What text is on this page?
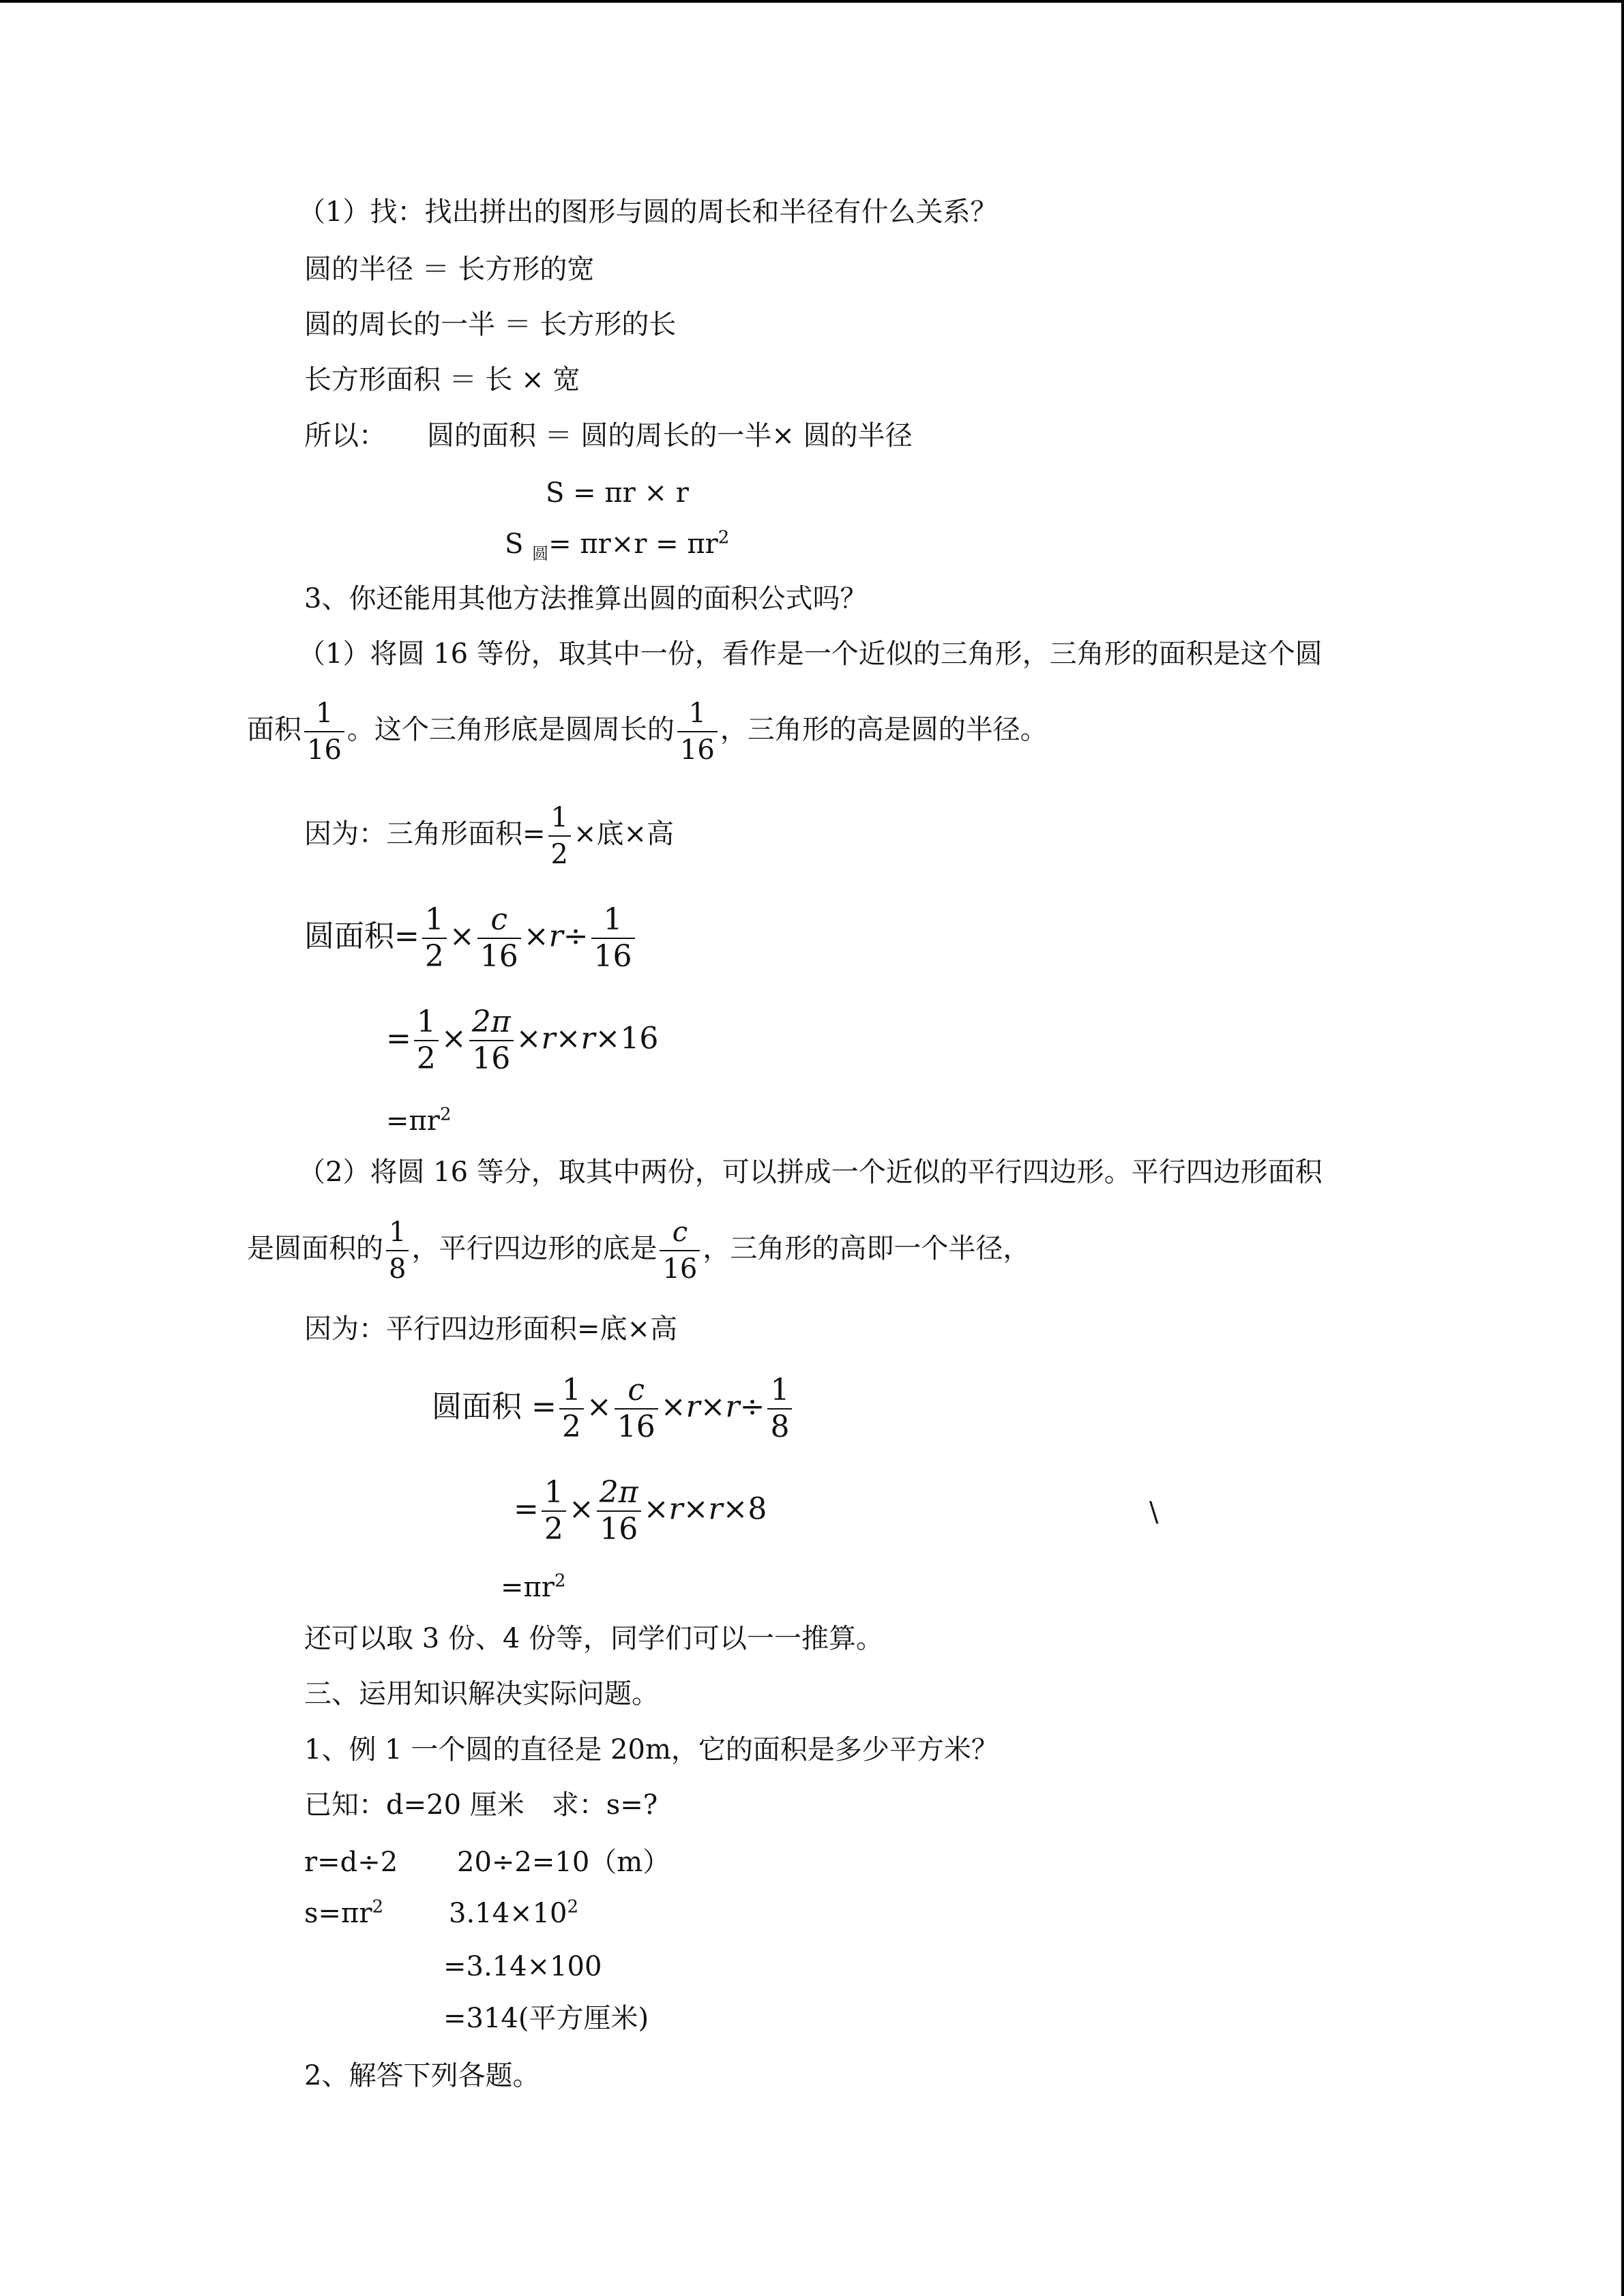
（1）找：找出拼出的图形与圆的周长和半径有什么关系？
圆的半径 ＝ 长方形的宽
圆的周长的一半 ＝ 长方形的长
长方形面积 ＝ 长 × 宽
所以：　　圆的面积 ＝ 圆的周长的一半× 圆的半径
S = πr × r
S $_圆= \pi r\times r = \pi r^2$
3、你还能用其他方法推算出圆的面积公式吗？
（1）将圆 16 等份，取其中一份，看作是一个近似的三角形，三角形的面积是这个圆
面积 $\frac{1}{16}$ 。这个三角形底是圆周长的 $\frac{1}{16}$ ，三角形的高是圆的半径。
因为：三角形面积= $\frac{1}{2}$ ×底×高
圆面积= $\frac{1}{2} \times \frac{c}{16} \times r\div \frac{1}{16}$
= $\frac{1}{2} \times \frac{2\pi}{16} \times r\times r\times 16$
$=\pi r^2$
（2）将圆 16 等分，取其中两份，可以拼成一个近似的平行四边形。平行四边形面积
是圆面积的 $\frac{1}{8}$ ，平行四边形的底是 $\frac{c}{16}$ ，三角形的高即一个半径，
因为：平行四边形面积=底×高
圆面积 = $\frac{1}{2} \times \frac{c}{16} \times r\times r\div \frac{1}{8}$
= $\frac{1}{2} \times \frac{2\pi}{16} \times r\times r\times 8$	\
$=\pi r^2$
还可以取 3 份、4 份等，同学们可以一一推算。
三、运用知识解决实际问题。
1、例 1 一个圆的直径是 20m，它的面积是多少平方米？
已知：d=20 厘米　求：s=?
r=d÷2 20÷2=10（m）
$s=\pi r^2$ $3.14\times 10^2$
=3.14×100
=314(平方厘米)
2、解答下列各题。
